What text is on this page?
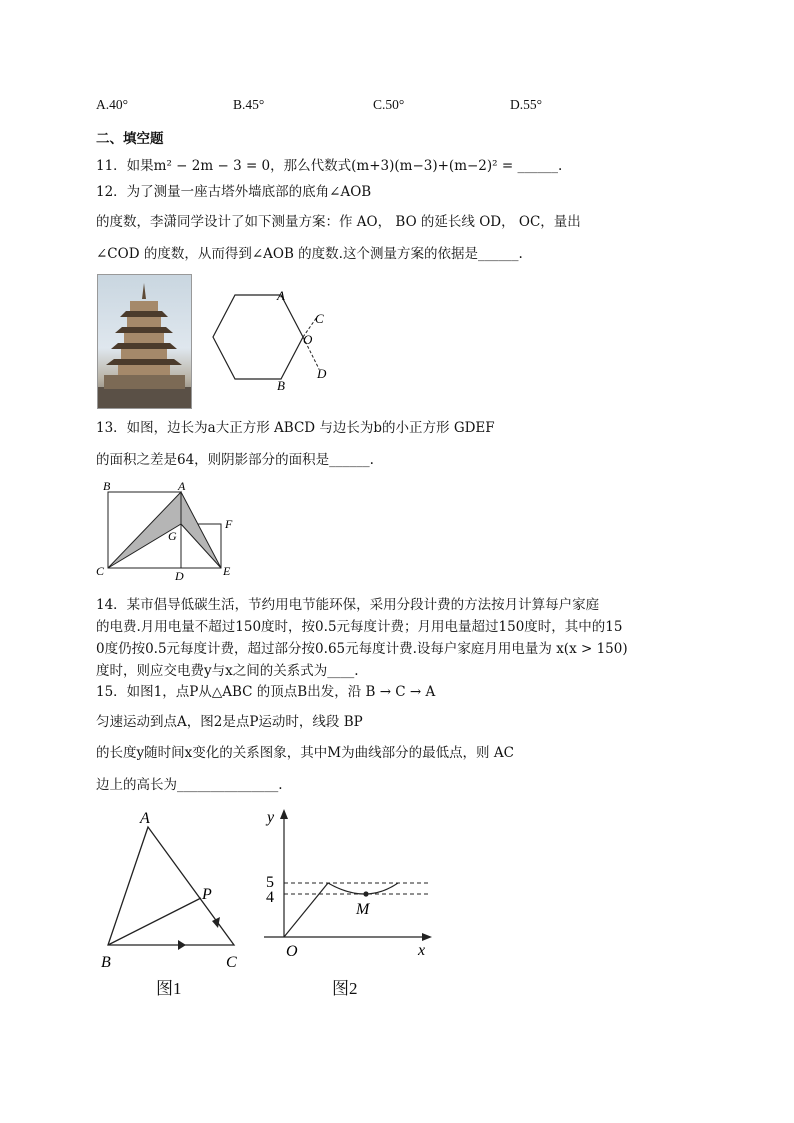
A.40°	B.45°	C.50°	D.55°
二、填空题
11．如果m² − 2m − 3 = 0，那么代数式(m+3)(m−3)+(m−2)² = ______.
12．为了测量一座古塔外墙底部的底角∠AOB
的度数，李潇同学设计了如下测量方案：作 AO， BO 的延长线 OD， OC，量出
∠COD 的度数，从而得到∠AOB 的度数.这个测量方案的依据是______.
A
B
C
O
D
13．如图，边长为a大正方形 ABCD 与边长为b的小正方形 GDEF
的面积之差是64，则阴影部分的面积是______.
B	A
F
G
C	D	E
14．某市倡导低碳生活，节约用电节能环保，采用分段计费的方法按月计算每户家庭
的电费.月用电量不超过150度时，按0.5元每度计费；月用电量超过150度时，其中的15
0度仍按0.5元每度计费，超过部分按0.65元每度计费.设每户家庭月用电量为 x(x > 150)
度时，则应交电费y与x之间的关系式为____.
15．如图1，点P从△ABC 的顶点B出发，沿 B → C → A
匀速运动到点A，图2是点P运动时，线段 BP
的长度y随时间x变化的关系图象，其中M为曲线部分的最低点，则 AC
边上的高长为_______________.
A
P
B	C
y
x
O
M
5
4
图1	图2
